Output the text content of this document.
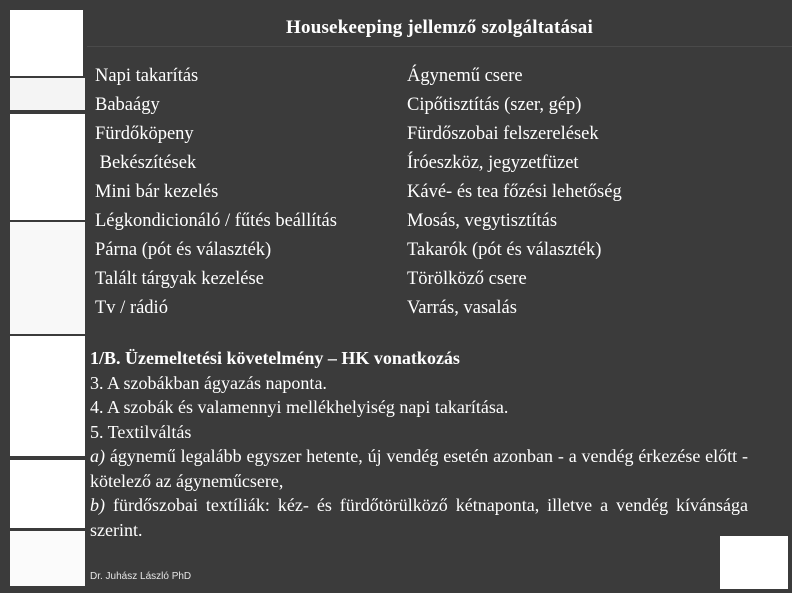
Housekeeping jellemző szolgáltatásai
Napi takarítás	Ágynemű csere
Babaágy	Cipőtisztítás (szer, gép)
Fürdőköpeny	Fürdőszobai felszerelések
Bekészítések	Íróeszköz, jegyzetfüzet
Mini bár kezelés	Kávé- és tea főzési lehetőség
Légkondicionáló / fűtés beállítás	Mosás, vegytisztítás
Párna (pót és választék)	Takarók (pót és választék)
Talált tárgyak kezelése	Törölköző csere
Tv / rádió	Varrás, vasalás
1/B. Üzemeltetési követelmény – HK vonatkozás
3. A szobákban ágyazás naponta.
4. A szobák és valamennyi mellékhelyiség napi takarítása.
5. Textilváltás
a) ágynemű legalább egyszer hetente, új vendég esetén azonban - a vendég érkezése előtt - kötelező az ágyneműcsere,
b) fürdőszobai textíliák: kéz- és fürdőtörülköző kétnaponta, illetve a vendég kívánsága szerint.
Dr. Juhász László PhD
